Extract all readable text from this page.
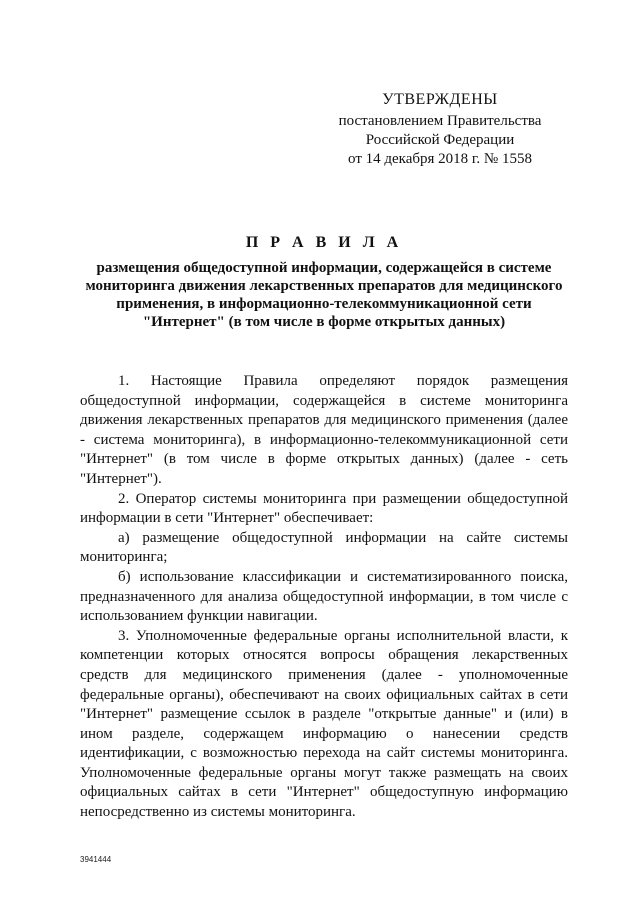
УТВЕРЖДЕНЫ
постановлением Правительства
Российской Федерации
от 14 декабря 2018 г. № 1558
П Р А В И Л А
размещения общедоступной информации, содержащейся в системе мониторинга движения лекарственных препаратов для медицинского применения, в информационно-телекоммуникационной сети "Интернет" (в том числе в форме открытых данных)

1. Настоящие Правила определяют порядок размещения общедоступной информации, содержащейся в системе мониторинга движения лекарственных препаратов для медицинского применения (далее - система мониторинга), в информационно-телекоммуникационной сети "Интернет" (в том числе в форме открытых данных) (далее - сеть "Интернет").

2. Оператор системы мониторинга при размещении общедоступной информации в сети "Интернет" обеспечивает:

а) размещение общедоступной информации на сайте системы мониторинга;

б) использование классификации и систематизированного поиска, предназначенного для анализа общедоступной информации, в том числе с использованием функции навигации.

3. Уполномоченные федеральные органы исполнительной власти, к компетенции которых относятся вопросы обращения лекарственных средств для медицинского применения (далее - уполномоченные федеральные органы), обеспечивают на своих официальных сайтах в сети "Интернет" размещение ссылок в разделе "открытые данные" и (или) в ином разделе, содержащем информацию о нанесении средств идентификации, с возможностью перехода на сайт системы мониторинга. Уполномоченные федеральные органы могут также размещать на своих официальных сайтах в сети "Интернет" общедоступную информацию непосредственно из системы мониторинга.

3941444
